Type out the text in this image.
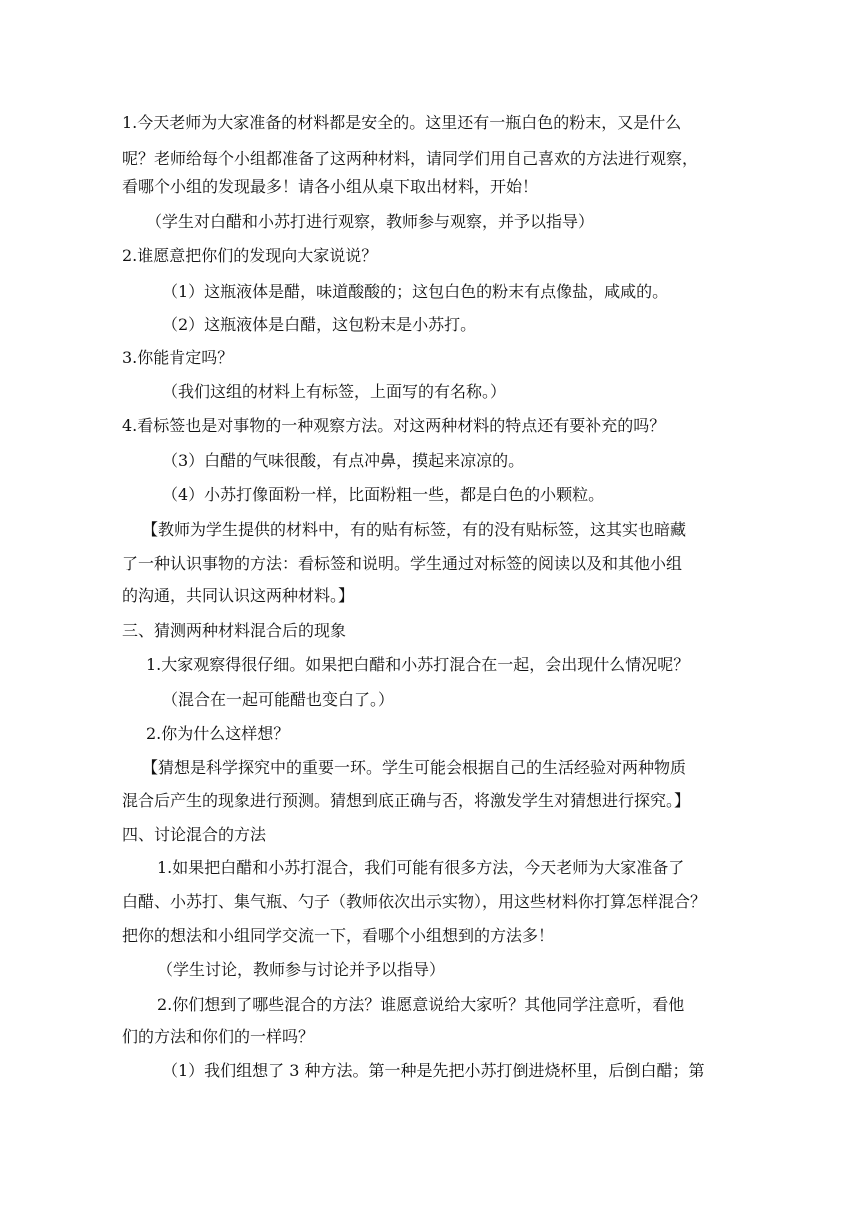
1.今天老师为大家准备的材料都是安全的。这里还有一瓶白色的粉末，又是什么
呢？老师给每个小组都准备了这两种材料，请同学们用自己喜欢的方法进行观察，
看哪个小组的发现最多！请各小组从桌下取出材料，开始！
（学生对白醋和小苏打进行观察，教师参与观察，并予以指导）
2.谁愿意把你们的发现向大家说说？
（1）这瓶液体是醋，味道酸酸的；这包白色的粉末有点像盐，咸咸的。
（2）这瓶液体是白醋，这包粉末是小苏打。
3.你能肯定吗？
（我们这组的材料上有标签，上面写的有名称。）
4.看标签也是对事物的一种观察方法。对这两种材料的特点还有要补充的吗？
（3）白醋的气味很酸，有点冲鼻，摸起来凉凉的。
（4）小苏打像面粉一样，比面粉粗一些，都是白色的小颗粒。
【教师为学生提供的材料中，有的贴有标签，有的没有贴标签，这其实也暗藏
了一种认识事物的方法：看标签和说明。学生通过对标签的阅读以及和其他小组
的沟通，共同认识这两种材料。】
三、猜测两种材料混合后的现象
1.大家观察得很仔细。如果把白醋和小苏打混合在一起，会出现什么情况呢？
（混合在一起可能醋也变白了。）
2.你为什么这样想？
【猜想是科学探究中的重要一环。学生可能会根据自己的生活经验对两种物质
混合后产生的现象进行预测。猜想到底正确与否，将激发学生对猜想进行探究。】
四、讨论混合的方法
1.如果把白醋和小苏打混合，我们可能有很多方法，今天老师为大家准备了
白醋、小苏打、集气瓶、勺子（教师依次出示实物），用这些材料你打算怎样混合？
把你的想法和小组同学交流一下，看哪个小组想到的方法多！
（学生讨论，教师参与讨论并予以指导）
2.你们想到了哪些混合的方法？谁愿意说给大家听？其他同学注意听，看他
们的方法和你们的一样吗？
（1）我们组想了 3 种方法。第一种是先把小苏打倒进烧杯里，后倒白醋；第
